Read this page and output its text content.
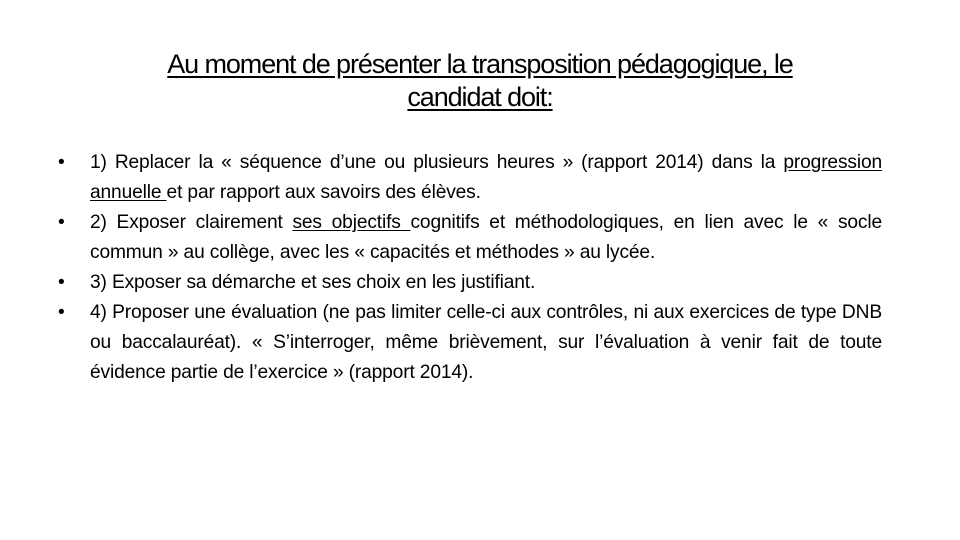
Au moment de présenter la transposition pédagogique, le
candidat doit:
• 1) Replacer la « séquence d’une ou plusieurs heures » (rapport 2014) dans la progression annuelle et par rapport aux savoirs des élèves.
• 2) Exposer clairement ses objectifs cognitifs et méthodologiques, en lien avec le « socle commun » au collège, avec les « capacités et méthodes » au lycée.
• 3) Exposer sa démarche et ses choix en les justifiant.
• 4) Proposer une évaluation (ne pas limiter celle-ci aux contrôles, ni aux exercices de type DNB ou baccalauréat). « S’interroger, même brièvement, sur l’évaluation à venir fait de toute évidence partie de l’exercice » (rapport 2014).
